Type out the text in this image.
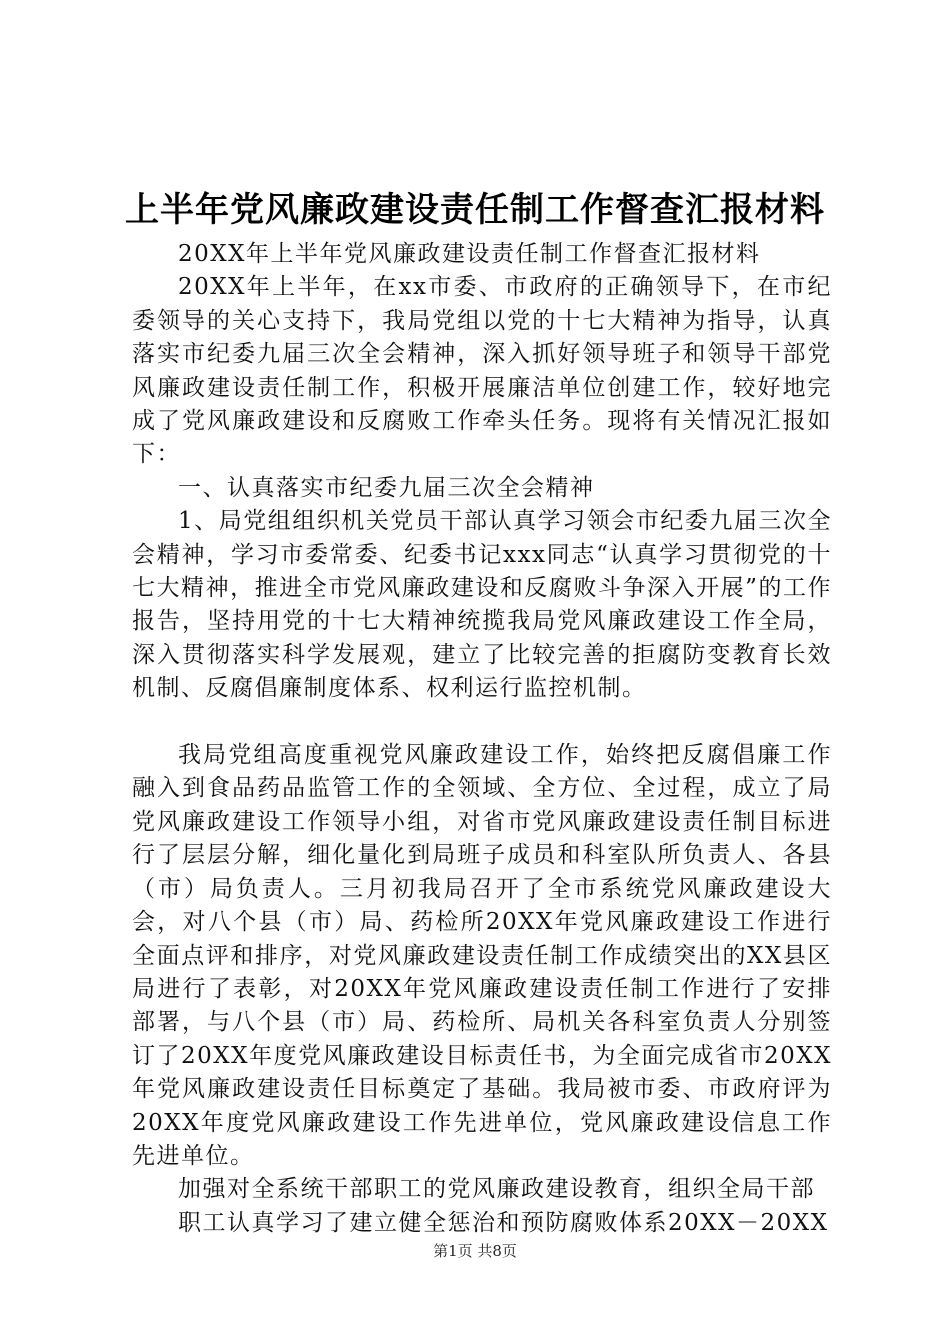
上半年党风廉政建设责任制工作督查汇报材料

20XX年上半年党风廉政建设责任制工作督查汇报材料

20XX年上半年，在xx市委、市政府的正确领导下，在市纪委领导的关心支持下，我局党组以党的十七大精神为指导，认真落实市纪委九届三次全会精神，深入抓好领导班子和领导干部党风廉政建设责任制工作，积极开展廉洁单位创建工作，较好地完成了党风廉政建设和反腐败工作牵头任务。现将有关情况汇报如下：

一、认真落实市纪委九届三次全会精神

1、局党组组织机关党员干部认真学习领会市纪委九届三次全会精神，学习市委常委、纪委书记xxx同志“认真学习贯彻党的十七大精神，推进全市党风廉政建设和反腐败斗争深入开展”的工作报告，坚持用党的十七大精神统揽我局党风廉政建设工作全局，深入贯彻落实科学发展观，建立了比较完善的拒腐防变教育长效机制、反腐倡廉制度体系、权利运行监控机制。

我局党组高度重视党风廉政建设工作，始终把反腐倡廉工作融入到食品药品监管工作的全领域、全方位、全过程，成立了局党风廉政建设工作领导小组，对省市党风廉政建设责任制目标进行了层层分解，细化量化到局班子成员和科室队所负责人、各县（市）局负责人。三月初我局召开了全市系统党风廉政建设大会，对八个县（市）局、药检所20XX年党风廉政建设工作进行全面点评和排序，对党风廉政建设责任制工作成绩突出的XX县区局进行了表彰，对20XX年党风廉政建设责任制工作进行了安排部署，与八个县（市）局、药检所、局机关各科室负责人分别签订了20XX年度党风廉政建设目标责任书，为全面完成省市20XX年党风廉政建设责任目标奠定了基础。我局被市委、市政府评为20XX年度党风廉政建设工作先进单位，党风廉政建设信息工作先进单位。

加强对全系统干部职工的党风廉政建设教育，组织全局干部

职工认真学习了建立健全惩治和预防腐败体系20XX－20XX

第1页 共8页
